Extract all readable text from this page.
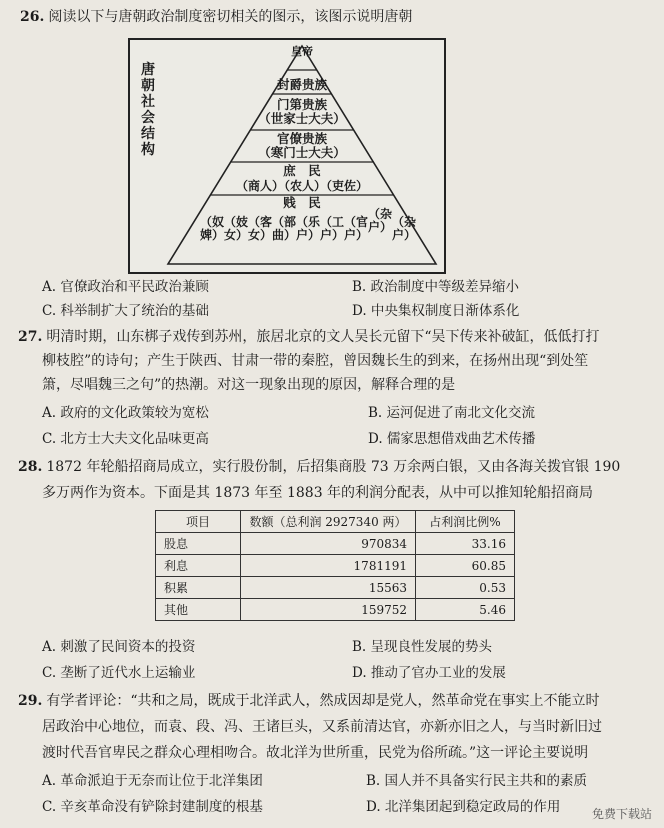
26. 阅读以下与唐朝政治制度密切相关的图示，该图示说明唐朝
唐
朝
社
会
结
构
皇帝
封爵贵族
门第贵族
（世家士大夫）
官僚贵族
（寒门士大夫）
庶　民
（商人）（农人）（吏佐）
贱　民
（奴婢）
（妓女）
（客女）
（部曲）
（乐户）
（工户）
（官户）
（杂户） （杂户）
A. 官僚政治和平民政治兼顾	B. 政治制度中等级差异缩小
C. 科举制扩大了统治的基础	D. 中央集权制度日渐体系化
27. 明清时期，山东梆子戏传到苏州，旅居北京的文人吴长元留下“吴下传来补破缸，低低打打
柳枝腔”的诗句；产生于陕西、甘肃一带的秦腔，曾因魏长生的到来，在扬州出现“到处笙
箫，尽唱魏三之句”的热潮。对这一现象出现的原因，解释合理的是
A. 政府的文化政策较为宽松	B. 运河促进了南北文化交流
C. 北方士大夫文化品味更高	D. 儒家思想借戏曲艺术传播
28. 1872 年轮船招商局成立，实行股份制，后招集商股 73 万余两白银，又由各海关拨官银 190
多万两作为资本。下面是其 1873 年至 1883 年的利润分配表，从中可以推知轮船招商局
项目	数额（总利润 2927340 两）	占利润比例%
股息	970834	33.16
利息	1781191	60.85
积累	15563	0.53
其他	159752	5.46
A. 刺激了民间资本的投资	B. 呈现良性发展的势头
C. 垄断了近代水上运输业	D. 推动了官办工业的发展
29. 有学者评论：“共和之局，既成于北洋武人，然成因却是党人，然革命党在事实上不能立时
居政治中心地位，而袁、段、冯、王诸巨头，又系前清达官，亦新亦旧之人，与当时新旧过
渡时代吾官卑民之群众心理相吻合。故北洋为世所重，民党为俗所疏。”这一评论主要说明
A. 革命派迫于无奈而让位于北洋集团	B. 国人并不具备实行民主共和的素质
C. 辛亥革命没有铲除封建制度的根基	D. 北洋集团起到稳定政局的作用	免费下载站
